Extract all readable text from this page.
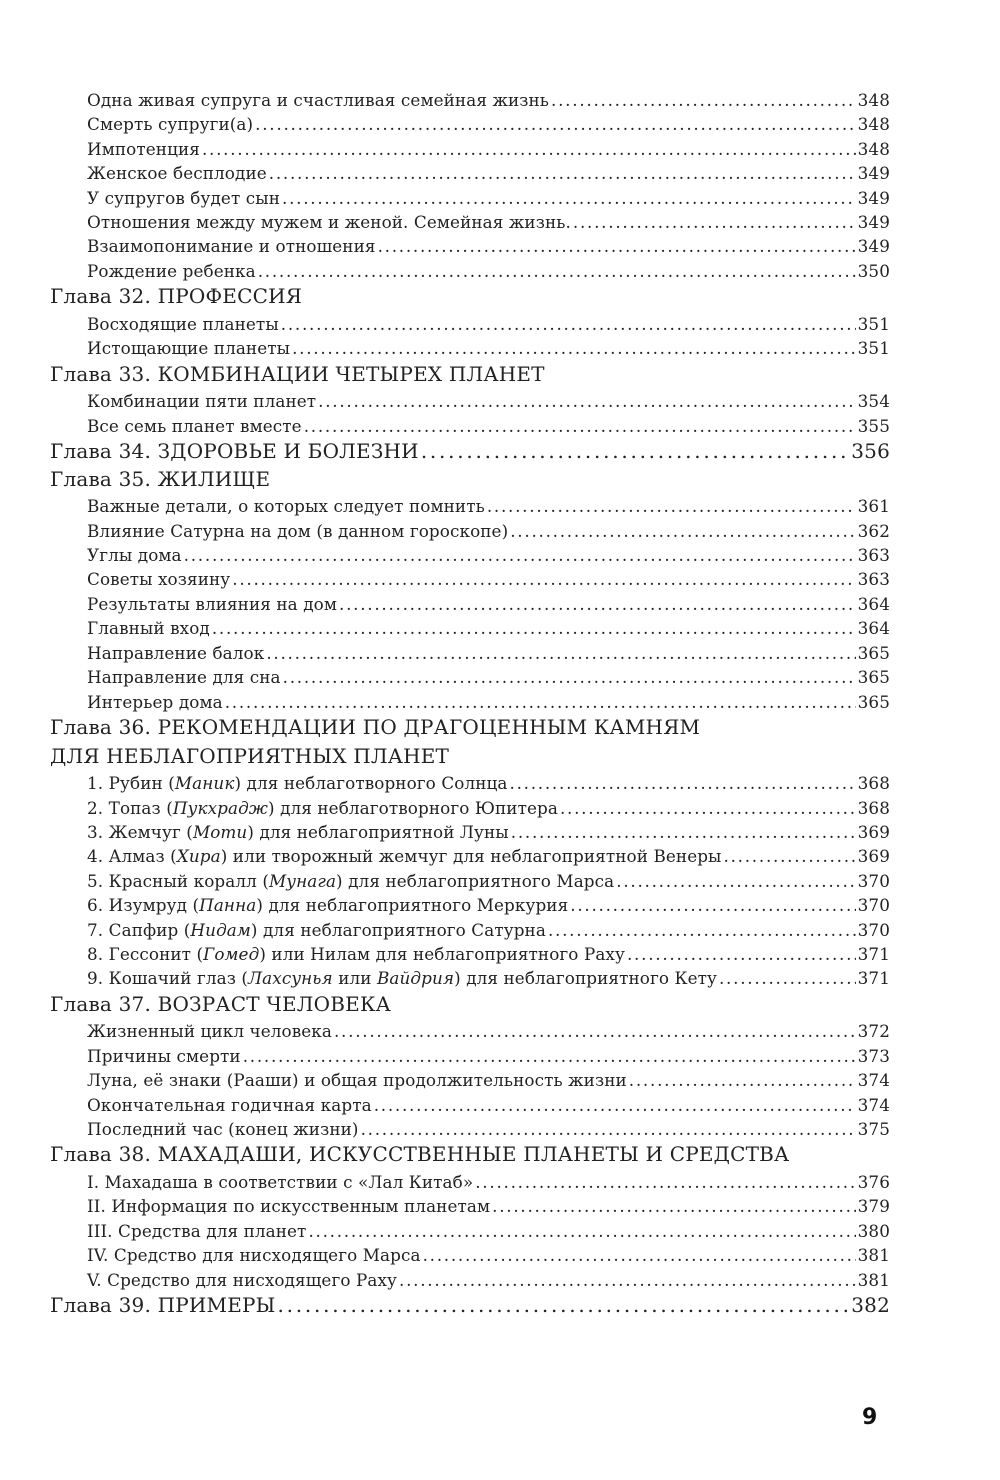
Одна живая супруга и счастливая семейная жизнь . . .	348
Смерть супруги(а) . . .	348
Импотенция . . .	348
Женское бесплодие . . .	349
У супругов будет сын . . .	349
Отношения между мужем и женой. Семейная жизнь. . . .	349
Взаимопонимание и отношения . . .	349
Рождение ребенка . . .	350
Глава 32. ПРОФЕССИЯ
Восходящие планеты . . .	351
Истощающие планеты . . .	351
Глава 33. КОМБИНАЦИИ ЧЕТЫРЕХ ПЛАНЕТ
Комбинации пяти планет . . .	354
Все семь планет вместе . . .	355
Глава 34. ЗДОРОВЬЕ И БОЛЕЗНИ . . .	356
Глава 35. ЖИЛИЩЕ
Важные детали, о которых следует помнить . . .	361
Влияние Сатурна на дом (в данном гороскопе) . . .	362
Углы дома . . .	363
Советы хозяину . . .	363
Результаты влияния на дом . . .	364
Главный вход . . .	364
Направление балок . . .	365
Направление для сна . . .	365
Интерьер дома . . .	365
Глава 36. РЕКОМЕНДАЦИИ ПО ДРАГОЦЕННЫМ КАМНЯМ
ДЛЯ НЕБЛАГОПРИЯТНЫХ ПЛАНЕТ
1. Рубин (Маник) для неблаготворного Солнца . . .	368
2. Топаз (Пукхрадж) для неблаготворного Юпитера . . .	368
3. Жемчуг (Моти) для неблагоприятной Луны . . .	369
4. Алмаз (Хира) или творожный жемчуг для неблагоприятной Венеры . . .	369
5. Красный коралл (Мунага) для неблагоприятного Марса . . .	370
6. Изумруд (Панна) для неблагоприятного Меркурия . . .	370
7. Сапфир (Нидам) для неблагоприятного Сатурна . . .	370
8. Гессонит (Гомед) или Нилам для неблагоприятного Раху . . .	371
9. Кошачий глаз (Лахсунья или Вайдрия) для неблагоприятного Кету . . .	371
Глава 37. ВОЗРАСТ ЧЕЛОВЕКА
Жизненный цикл человека . . .	372
Причины смерти . . .	373
Луна, её знаки (Рааши) и общая продолжительность жизни . . .	374
Окончательная годичная карта . . .	374
Последний час (конец жизни) . . .	375
Глава 38. МАХАДАШИ, ИСКУССТВЕННЫЕ ПЛАНЕТЫ И СРЕДСТВА
I. Махадаша в соответствии с «Лал Китаб» . . .	376
II. Информация по искусственным планетам . . .	379
III. Средства для планет . . .	380
IV. Средство для нисходящего Марса . . .	381
V. Средство для нисходящего Раху . . .	381
Глава 39. ПРИМЕРЫ . . .	382
9
